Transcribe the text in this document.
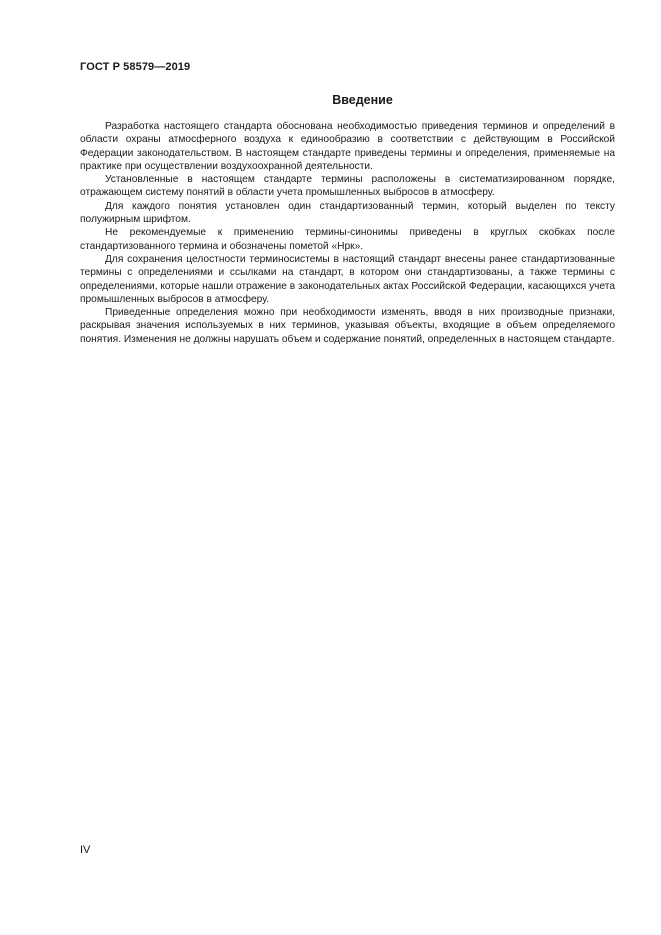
ГОСТ Р 58579—2019
Введение

Разработка настоящего стандарта обоснована необходимостью приведения терминов и определений в области охраны атмосферного воздуха к единообразию в соответствии с действующим в Российской Федерации законодательством. В настоящем стандарте приведены термины и определения, применяемые на практике при осуществлении воздухоохранной деятельности.

Установленные в настоящем стандарте термины расположены в систематизированном порядке, отражающем систему понятий в области учета промышленных выбросов в атмосферу.

Для каждого понятия установлен один стандартизованный термин, который выделен по тексту полужирным шрифтом.

Не рекомендуемые к применению термины-синонимы приведены в круглых скобках после стандартизованного термина и обозначены пометой «Нрк».

Для сохранения целостности терминосистемы в настоящий стандарт внесены ранее стандартизованные термины с определениями и ссылками на стандарт, в котором они стандартизованы, а также термины с определениями, которые нашли отражение в законодательных актах Российской Федерации, касающихся учета промышленных выбросов в атмосферу.

Приведенные определения можно при необходимости изменять, вводя в них производные признаки, раскрывая значения используемых в них терминов, указывая объекты, входящие в объем определяемого понятия. Изменения не должны нарушать объем и содержание понятий, определенных в настоящем стандарте.

IV
